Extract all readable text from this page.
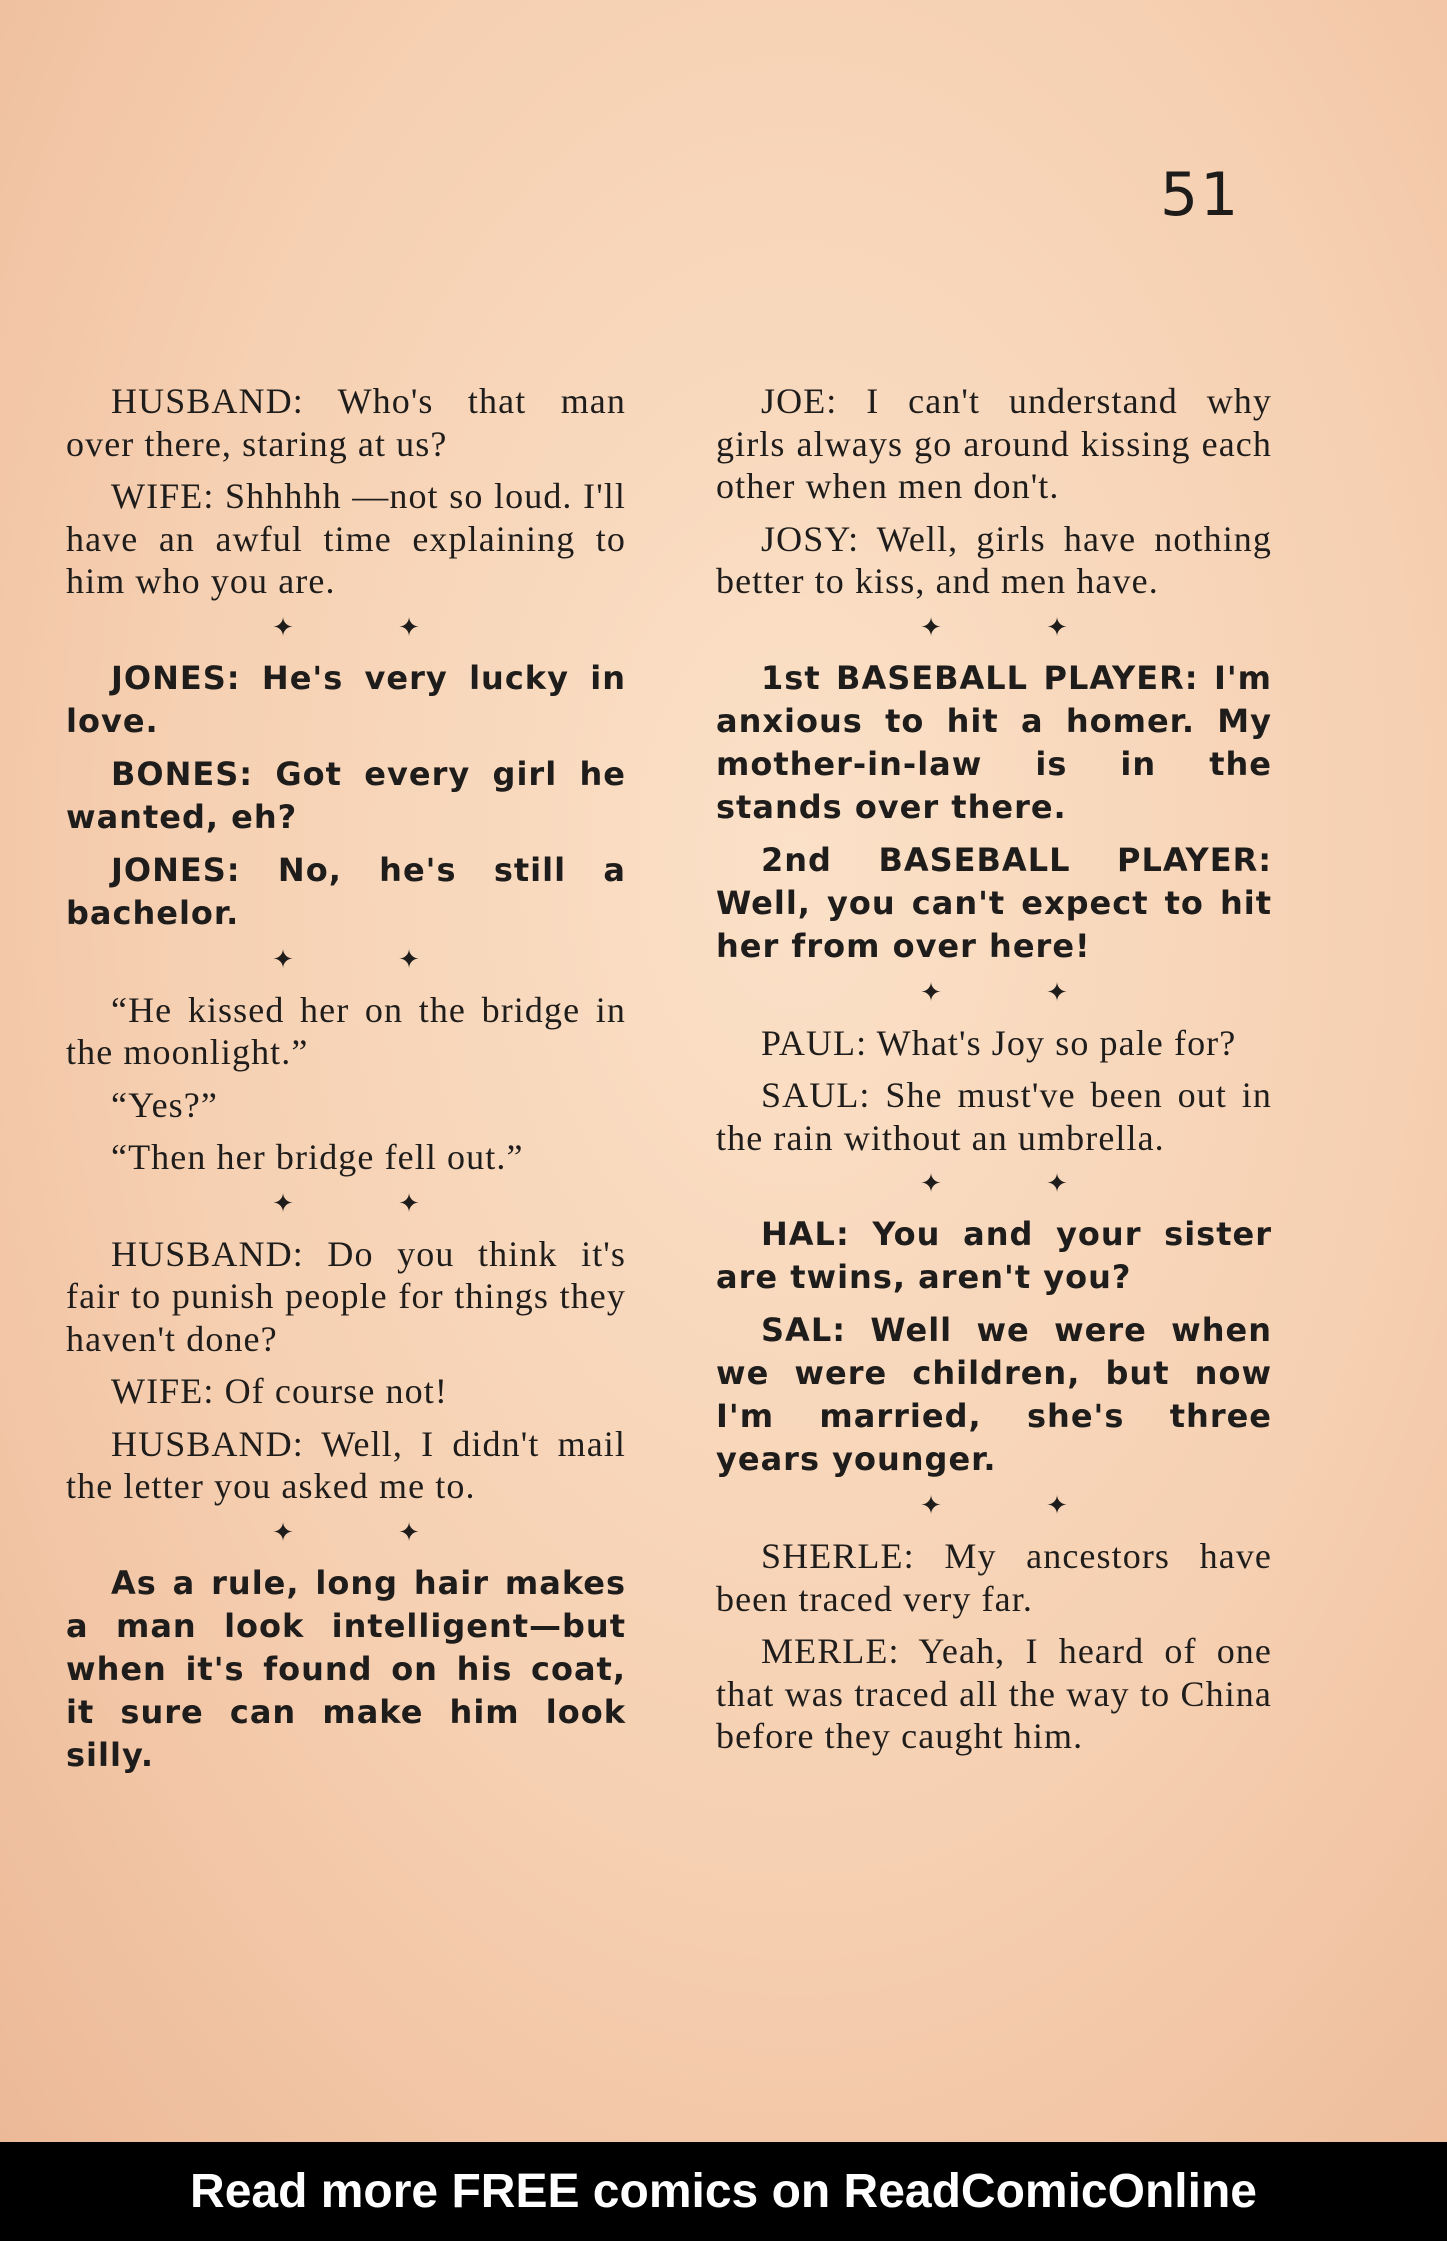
51

HUSBAND: Who's that man over there, staring at us?

WIFE: Shhhhh —not so loud. I'll have an awful time explaining to him who you are.

✦ ✦

JONES: He's very lucky in love.

BONES: Got every girl he wanted, eh?

JONES: No, he's still a bachelor.

✦ ✦

“He kissed her on the bridge in the moonlight.”

“Yes?”

“Then her bridge fell out.”

✦ ✦

HUSBAND: Do you think it's fair to punish people for things they haven't done?

WIFE: Of course not!

HUSBAND: Well, I didn't mail the letter you asked me to.

✦ ✦

As a rule, long hair makes a man look intelligent—but when it's found on his coat, it sure can make him look silly.

JOE: I can't understand why girls always go around kissing each other when men don't.

JOSY: Well, girls have nothing better to kiss, and men have.

✦ ✦

1st BASEBALL PLAYER: I'm anxious to hit a homer. My mother-in-law is in the stands over there.

2nd BASEBALL PLAYER: Well, you can't expect to hit her from over here!

✦ ✦

PAUL: What's Joy so pale for?

SAUL: She must've been out in the rain without an umbrella.

✦ ✦

HAL: You and your sister are twins, aren't you?

SAL: Well we were when we were children, but now I'm married, she's three years younger.

✦ ✦

SHERLE: My ancestors have been traced very far.

MERLE: Yeah, I heard of one that was traced all the way to China before they caught him.

Read more FREE comics on ReadComicOnline
